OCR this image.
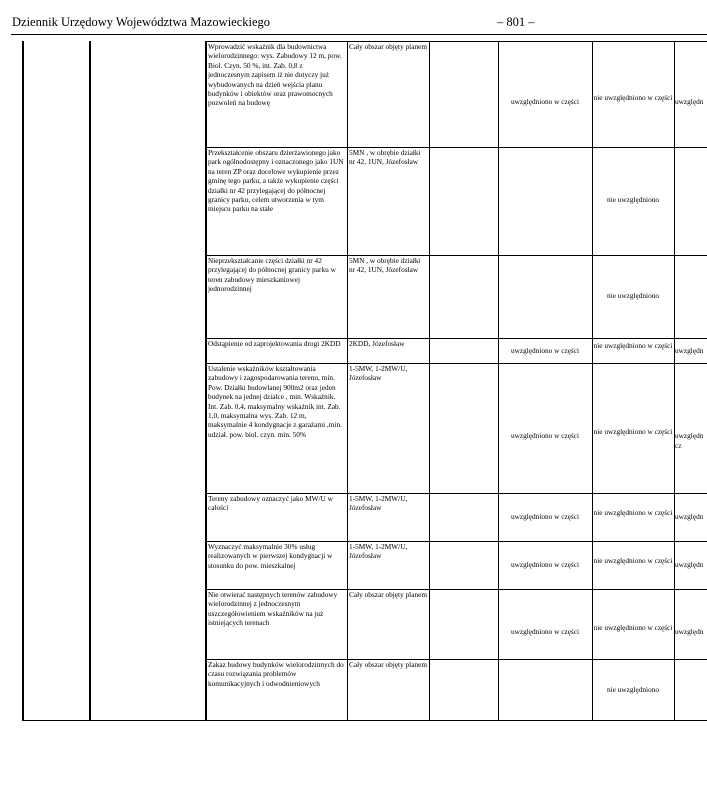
Dziennik Urzędowy Województwa Mazowieckiego	– 801 –
Wprowadzić wskaźnik dla budownictwa wielorodzinnego: wys. Zabudowy 12 m, pow. Biol. Czyn. 50 %, int. Zab. 0,8 z jednoczesnym zapisem iż nie dotyczy już wybudowanych na dzień wejścia planu budynków i obiektów oraz prawomocnych pozwoleń na budowę
Cały obszar objęty planem
uwzględniono w części
nie uwzględniono w części
uwzględn
Przekształcenie obszaru dzierżawionego jako park ogólnodostępny i oznaczonego jako 1UN na teren ZP oraz docelowe wykupienie przez gminę tego parku, a także wykupienie części działki nr 42 przylegającej do północnej granicy parku, celem utworzenia w tym miejscu parku na stałe
5MN , w obrębie działki nr 42, 1UN, Józefosław
nie uwzględniono
Nieprzekształcanie części działki nr 42 przylegającej do północnej granicy parku w teren zabudowy mieszkaniowej jednorodzinnej
5MN , w obrębie działki nr 42, 1UN, Józefosław
nie uwzględniono
Odstąpienie od zaprojektowania drogi 2KDD	2KDD, Józefosław
uwzględniono w części
nie uwzględniono w części
uwzględn
Ustalenie wskaźników kształtowania zabudowy i zagospodarowania terenu, min. Pow. Działki budowlanej 900m2 oraz jeden budynek na jednej działce , min. Wskaźnik. Int. Zab. 0,4, maksymalny wskaźnik int. Zab. 1,0, maksymalna wys. Zab. 12 m, maksymalnie 4 kondygnacje z garażami ,min. udział. pow. biol. czyn. min. 50%
1-5MW, 1-2MW/U, Józefosław
uwzględniono w części
nie uwzględniono w części
uwzględn cz
Tereny zabudowy oznaczyć jako MW/U w całości
1-5MW, 1-2MW/U, Józefosław
uwzględniono w części
nie uwzględniono w części
uwzględn
Wyznaczyć maksymalnie 30% usług realizowanych w pierwszej kondygnacji w stosunku do pow. mieszkalnej
1-5MW, 1-2MW/U, Józefosław
uwzględniono w części
nie uwzględniono w części
uwzględn
Nie otwierać następnych terenów zabudowy wielorodzinnej z jednoczesnym uszczegółowieniem wskaźników na już istniejących terenach
Cały obszar objęty planem
uwzględniono w części
nie uwzględniono w części
uwzględn
Zakaz budowy budynków wielorodzinnych do czasu rozwiązania problemów komunikacyjnych i odwodnieniowych
Cały obszar objęty planem
nie uwzględniono
